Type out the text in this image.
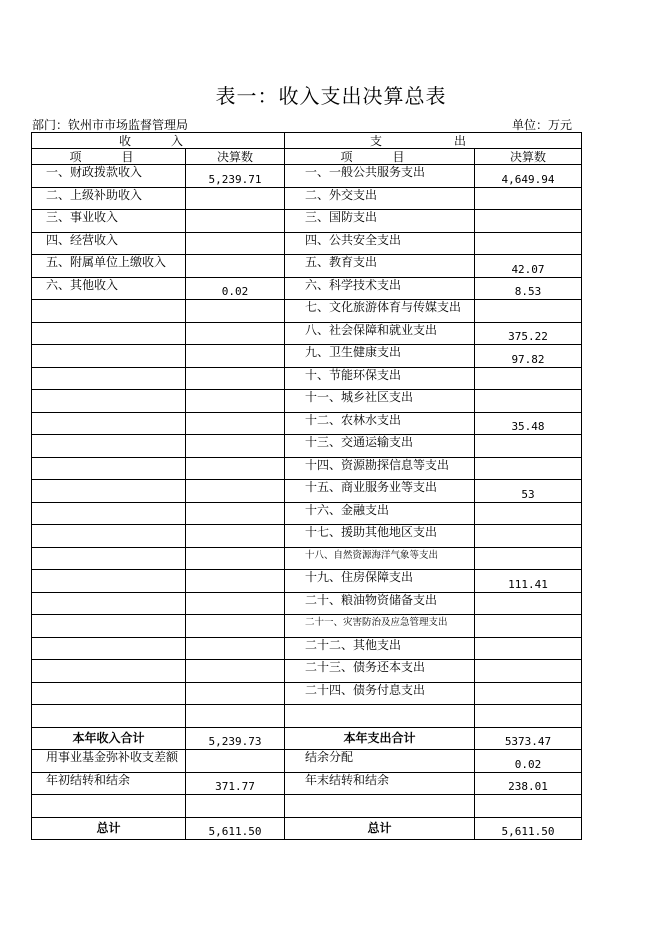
表一：收入支出决算总表
部门：钦州市市场监督管理局	单位：万元
收　入		支　出	
项　目	决算数	项　目	决算数
一、财政拨款收入	5,239.71	一、一般公共服务支出	4,649.94
二、上级补助收入		二、外交支出	
三、事业收入		三、国防支出	
四、经营收入		四、公共安全支出	
五、附属单位上缴收入		五、教育支出	42.07
六、其他收入	0.02	六、科学技术支出	8.53
		七、文化旅游体育与传媒支出	
		八、社会保障和就业支出	375.22
		九、卫生健康支出	97.82
		十、节能环保支出	
		十一、城乡社区支出	
		十二、农林水支出	35.48
		十三、交通运输支出	
		十四、资源勘探信息等支出	
		十五、商业服务业等支出	53
		十六、金融支出	
		十七、援助其他地区支出	
		十八、自然资源海洋气象等支出	
		十九、住房保障支出	111.41
		二十、粮油物资储备支出	
		二十一、灾害防治及应急管理支出	
		二十二、其他支出	
		二十三、债务还本支出	
		二十四、债务付息支出	

本年收入合计	5,239.73	本年支出合计	5373.47
用事业基金弥补收支差额		结余分配	0.02
年初结转和结余	371.77	年末结转和结余	238.01

总计	5,611.50	总计	5,611.50
